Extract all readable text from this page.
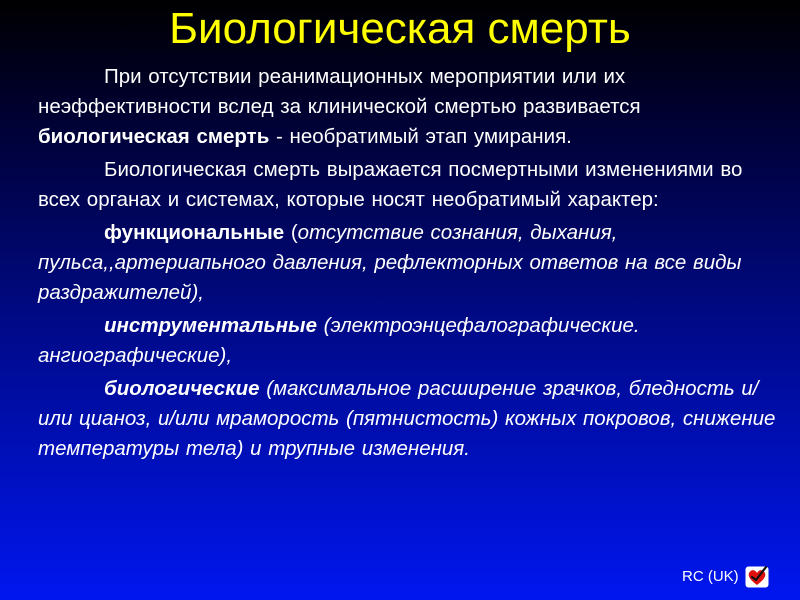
Биологическая смерть

При отсутствии реанимационных мероприятии или их неэффективности вслед за клинической смертью развивается биологическая смерть - необратимый этап умирания.

Биологическая смерть выражается посмертными изменениями во всех органах и системах, которые носят необратимый характер:

функциональные (отсутствие сознания, дыхания, пульса,,артериапьного давления, рефлекторных ответов на все виды раздражителей),

инструментальные (электроэнцефалографические. ангиографические),

биологические (максимальное расширение зрачков, бледность и/или цианоз, и/или мраморость (пятнистость) кожных покровов, снижение температуры тела) и трупные изменения.

RC (UK)
